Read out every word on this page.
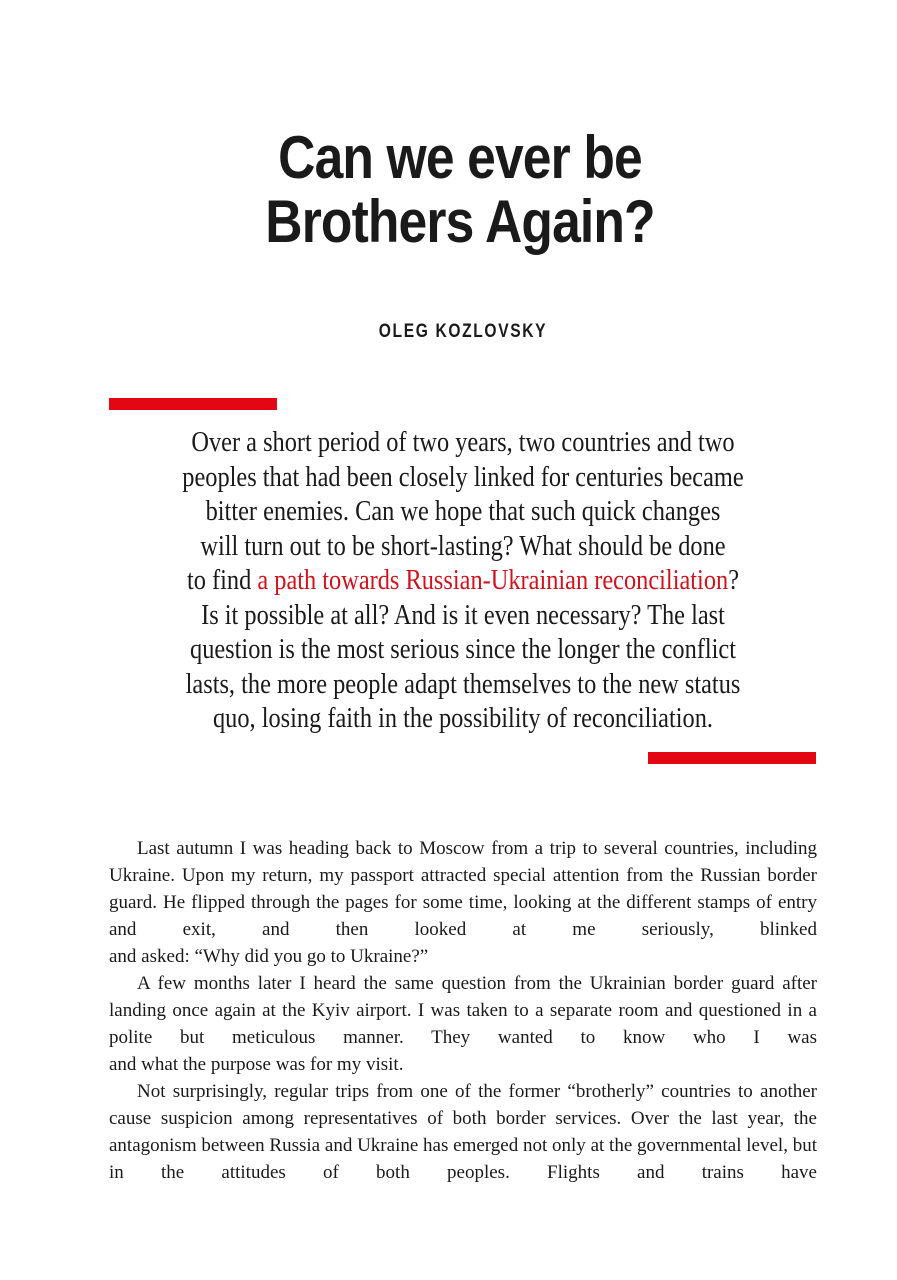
Can we ever be
Brothers Again?
OLEG KOZLOVSKY
Over a short period of two years, two countries and two
peoples that had been closely linked for centuries became
bitter enemies. Can we hope that such quick changes
will turn out to be short-lasting? What should be done
to find a path towards Russian-Ukrainian reconciliation?
Is it possible at all? And is it even necessary? The last
question is the most serious since the longer the conflict
lasts, the more people adapt themselves to the new status
quo, losing faith in the possibility of reconciliation.

Last autumn I was heading back to Moscow from a trip to several countries, including Ukraine. Upon my return, my passport attracted special attention from the Russian border guard. He flipped through the pages for some time, looking at the different stamps of entry and exit, and then looked at me seriously, blinked

and asked: “Why did you go to Ukraine?”

A few months later I heard the same question from the Ukrainian border guard after landing once again at the Kyiv airport. I was taken to a separate room and questioned in a polite but meticulous manner. They wanted to know who I was

and what the purpose was for my visit.

Not surprisingly, regular trips from one of the former “brotherly” countries to another cause suspicion among representatives of both border services. Over the last year, the antagonism between Russia and Ukraine has emerged not only at the governmental level, but in the attitudes of both peoples. Flights and trains have
